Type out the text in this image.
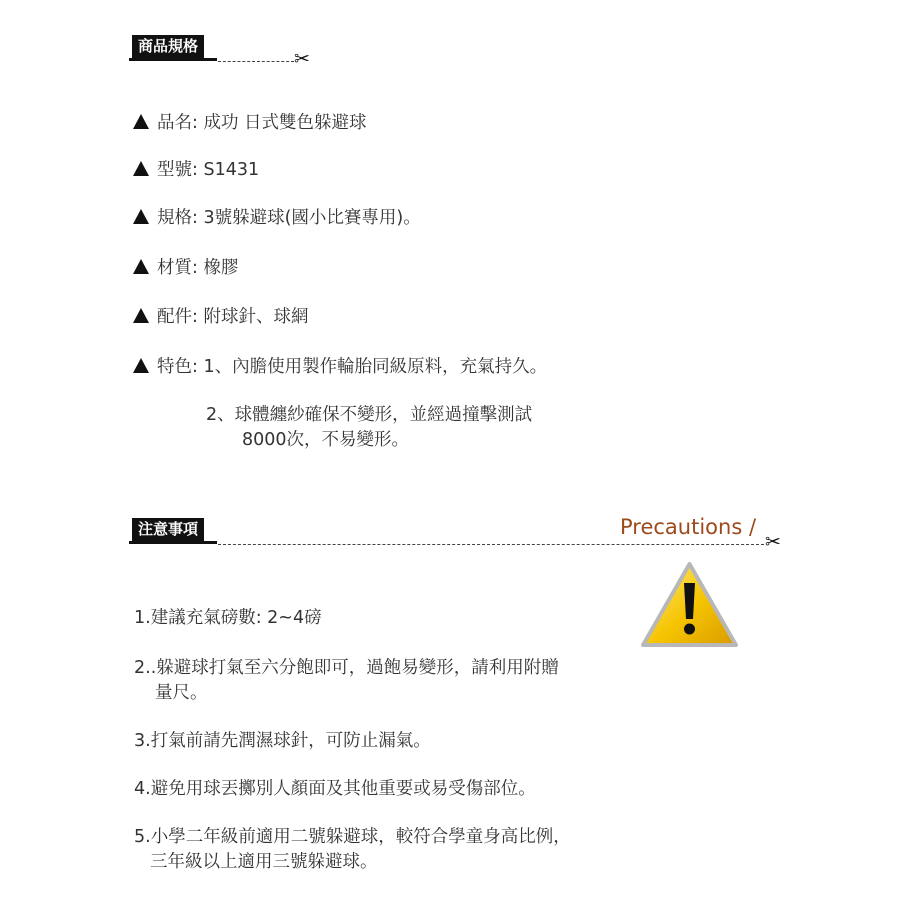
商品規格
✂
品名: 成功 日式雙色躲避球
型號: S1431
規格: 3號躲避球(國小比賽專用)。
材質: 橡膠
配件: 附球針、球網
特色: 1、內膽使用製作輪胎同級原料，充氣持久。
2、球體纏紗確保不變形，並經過撞擊測試
8000次，不易變形。
注意事項	Precautions /
✂
1.建議充氣磅數: 2~4磅
2..躲避球打氣至六分飽即可，過飽易變形，請利用附贈
量尺。
3.打氣前請先潤濕球針，可防止漏氣。
4.避免用球丟擲別人顏面及其他重要或易受傷部位。
5.小學二年級前適用二號躲避球，較符合學童身高比例，
三年級以上適用三號躲避球。
